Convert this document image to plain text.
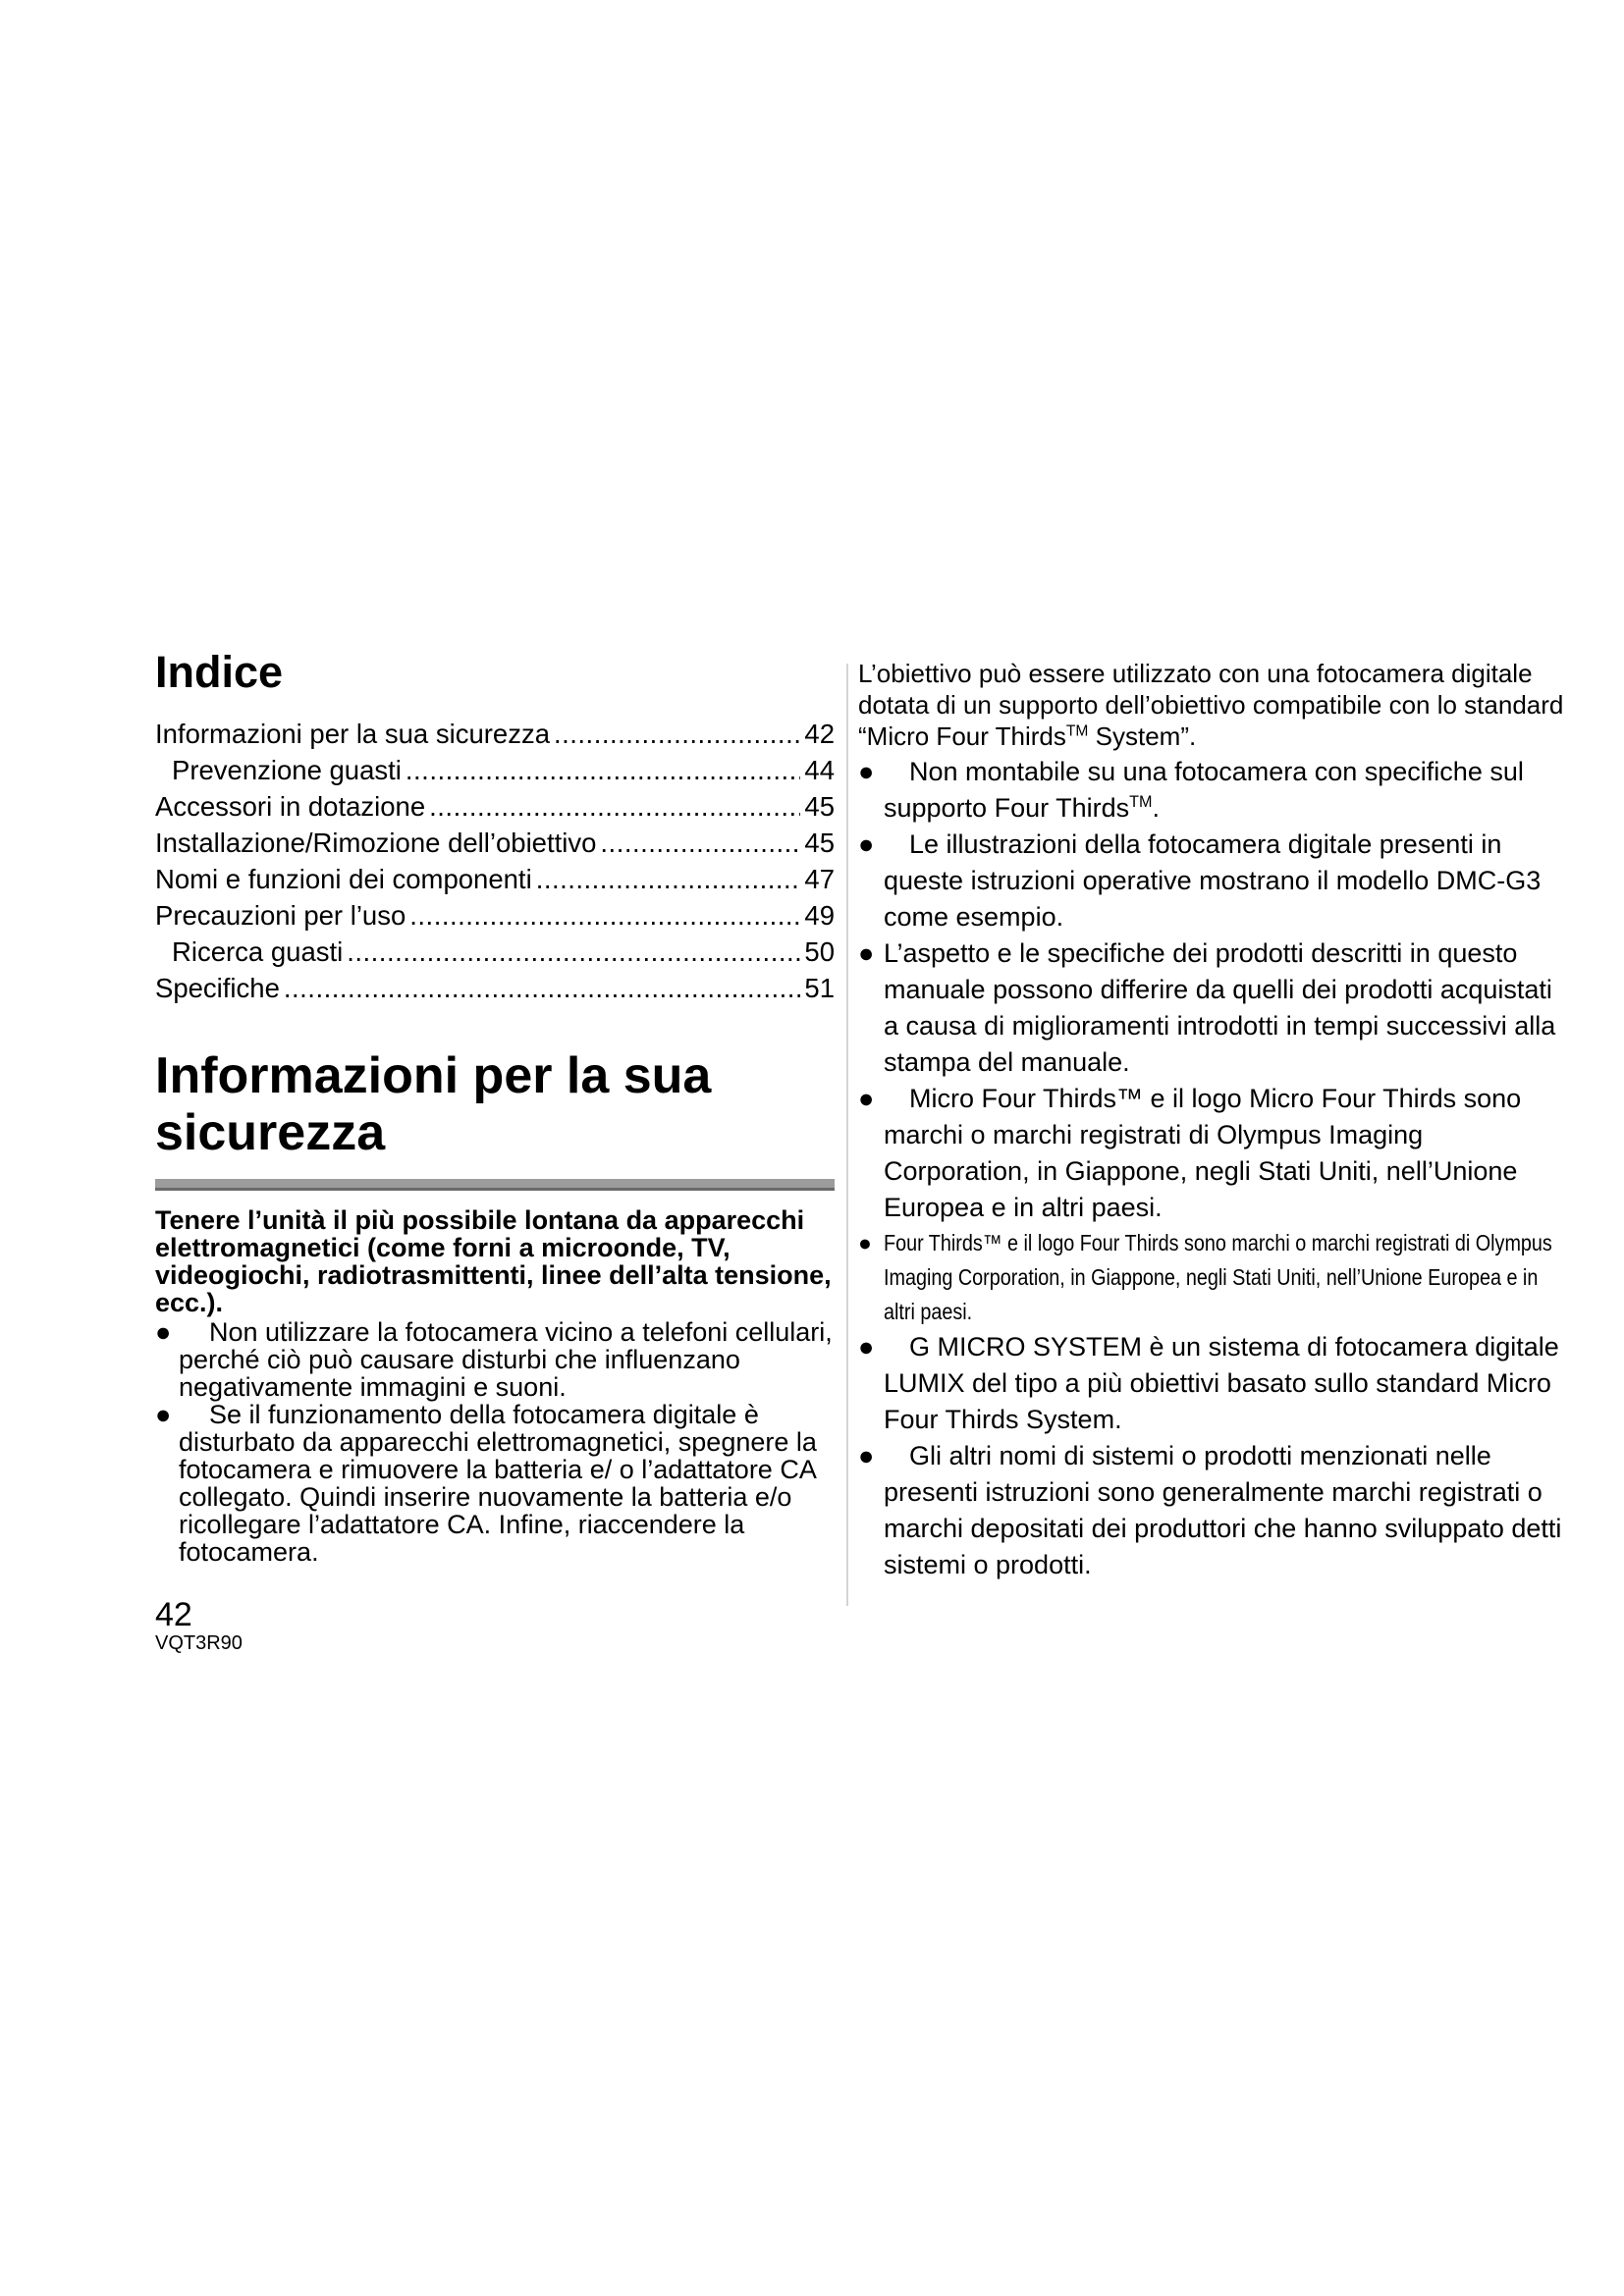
Indice
Informazioni per la sua sicurezza .....	42
Prevenzione guasti .....	44
Accessori in dotazione .....	45
Installazione/Rimozione dell’obiettivo .....	45
Nomi e funzioni dei componenti .....	47
Precauzioni per l’uso .....	49
Ricerca guasti .....	50
Specifiche .....	51
Informazioni per la sua sicurezza

Tenere l’unità il più possibile lontana da apparecchi elettromagnetici (come forni a microonde, TV, videogiochi, radiotrasmittenti, linee dell’alta tensione, ecc.).

●	Non utilizzare la fotocamera vicino a telefoni cellulari, perché ciò può causare disturbi che influenzano negativamente immagini e suoni.
●	Se il funzionamento della fotocamera digitale è disturbato da apparecchi elettromagnetici, spegnere la fotocamera e rimuovere la batteria e/ o l’adattatore CA collegato. Quindi inserire nuovamente la batteria e/o ricollegare l’adattatore CA. Infine, riaccendere la fotocamera.

L’obiettivo può essere utilizzato con una fotocamera digitale dotata di un supporto dell’obiettivo compatibile con lo standard “Micro Four Thirds™ System”.

●	Non montabile su una fotocamera con specifiche sul supporto Four Thirds™.
●	Le illustrazioni della fotocamera digitale presenti in queste istruzioni operative mostrano il modello DMC-G3 come esempio.
● L’aspetto e le specifiche dei prodotti descritti in questo manuale possono differire da quelli dei prodotti acquistati a causa di miglioramenti introdotti in tempi successivi alla stampa del manuale.
●	Micro Four Thirds™ e il logo Micro Four Thirds sono marchi o marchi registrati di Olympus Imaging Corporation, in Giappone, negli Stati Uniti, nell’Unione Europea e in altri paesi.
● Four Thirds™ e il logo Four Thirds sono marchi o marchi registrati di Olympus Imaging Corporation, in Giappone, negli Stati Uniti, nell’Unione Europea e in altri paesi.
●	G MICRO SYSTEM è un sistema di fotocamera digitale LUMIX del tipo a più obiettivi basato sullo standard Micro Four Thirds System.
●	Gli altri nomi di sistemi o prodotti menzionati nelle presenti istruzioni sono generalmente marchi registrati o marchi depositati dei produttori che hanno sviluppato detti sistemi o prodotti.
42
VQT3R90
